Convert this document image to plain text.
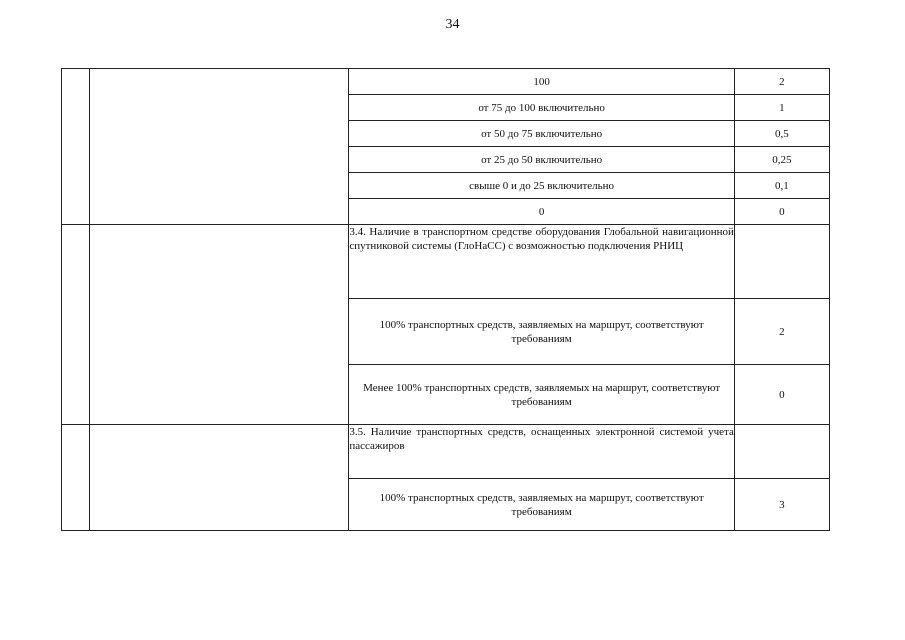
34
		100	2
		от 75 до 100 включительно	1
		от 50 до 75 включительно	0,5
		от 25 до 50 включительно	0,25
		свыше 0 и до 25 включительно	0,1
		0	0
		3.4. Наличие в транспортном средстве оборудования Глобальной навигационной спутниковой системы (ГлоНаСС) с возможностью подключения РНИЦ	
		100% транспортных средств, заявляемых на маршрут, соответствуют требованиям	2
		Менее 100% транспортных средств, заявляемых на маршрут, соответствуют требованиям	0
		3.5. Наличие транспортных средств, оснащенных электронной системой учета пассажиров	
		100% транспортных средств, заявляемых на маршрут, соответствуют требованиям	3
